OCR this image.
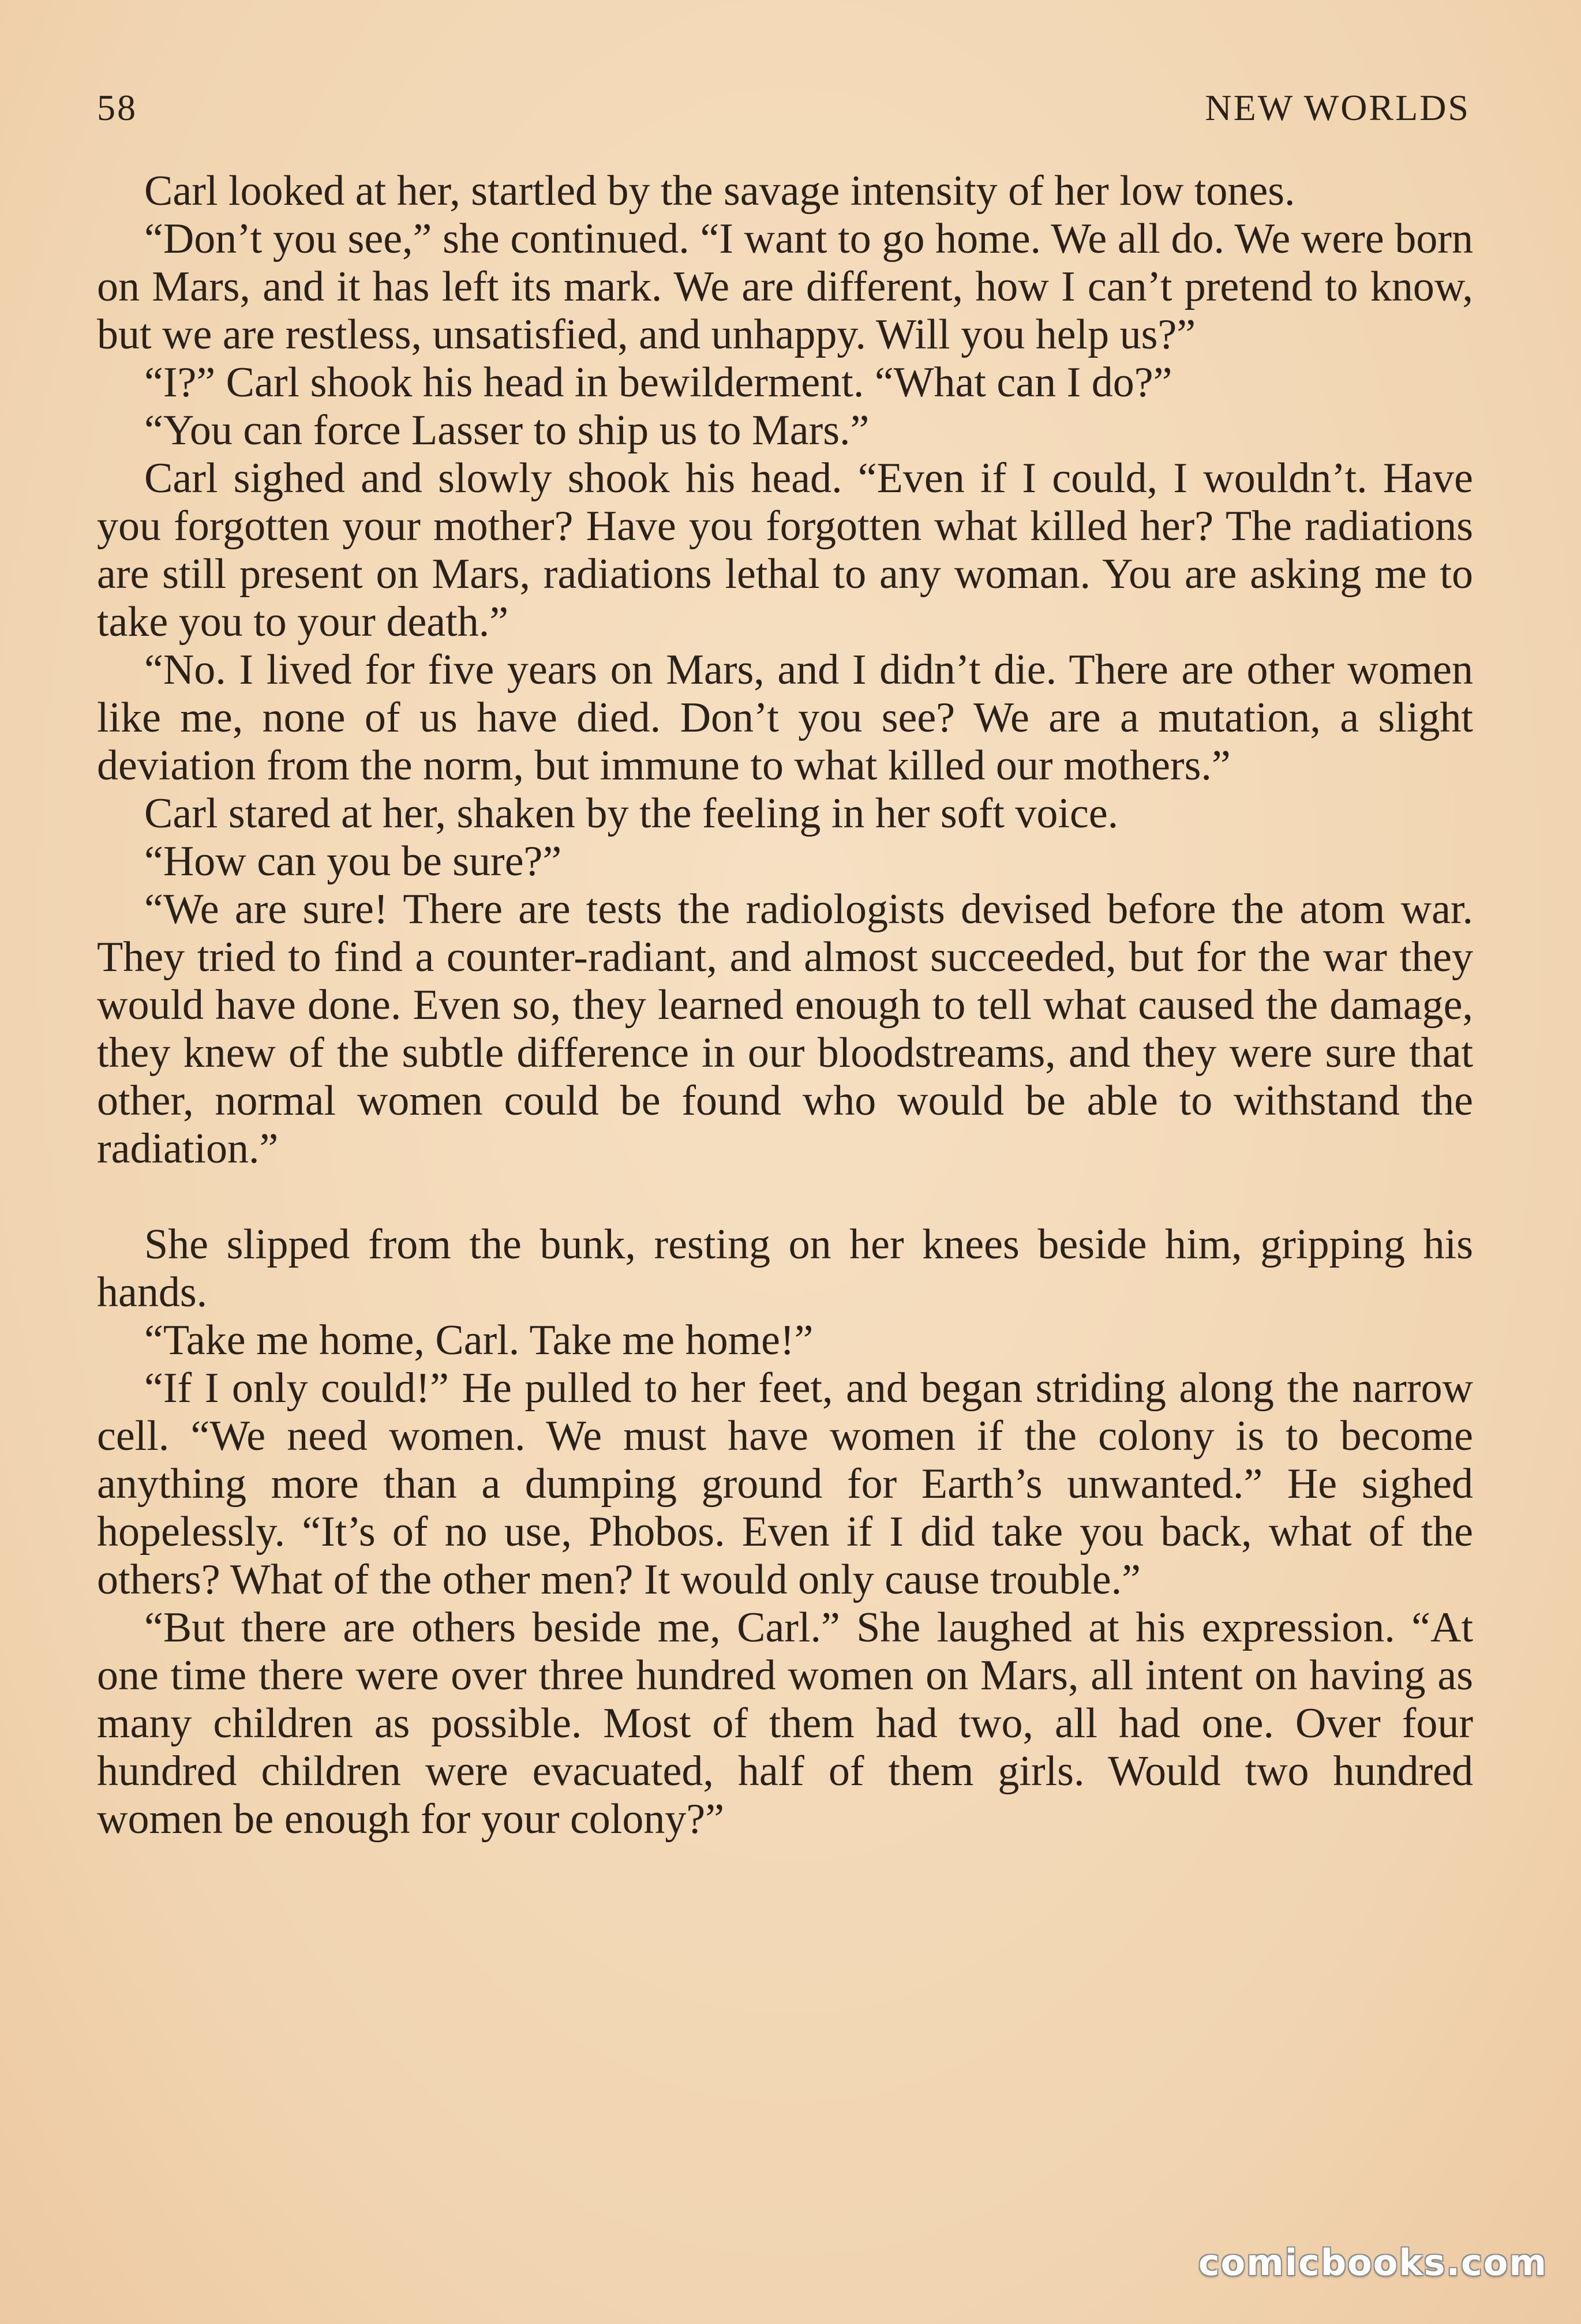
58	NEW WORLDS

Carl looked at her, startled by the savage intensity of her low tones.

“Don’t you see,” she continued. “I want to go home. We all do. We were born on Mars, and it has left its mark. We are different, how I can’t pretend to know, but we are restless, unsatisfied, and unhappy. Will you help us?”

“I?” Carl shook his head in bewilderment. “What can I do?”

“You can force Lasser to ship us to Mars.”

Carl sighed and slowly shook his head. “Even if I could, I wouldn’t. Have you forgotten your mother? Have you forgotten what killed her? The radiations are still present on Mars, radiations lethal to any woman. You are asking me to take you to your death.”

“No. I lived for five years on Mars, and I didn’t die. There are other women like me, none of us have died. Don’t you see? We are a mutation, a slight deviation from the norm, but immune to what killed our mothers.”

Carl stared at her, shaken by the feeling in her soft voice.

“How can you be sure?”

“We are sure! There are tests the radiologists devised before the atom war. They tried to find a counter-radiant, and almost succeeded, but for the war they would have done. Even so, they learned enough to tell what caused the damage, they knew of the subtle difference in our bloodstreams, and they were sure that other, normal women could be found who would be able to withstand the radiation.”

She slipped from the bunk, resting on her knees beside him, gripping his hands.

“Take me home, Carl. Take me home!”

“If I only could!” He pulled to her feet, and began striding along the narrow cell. “We need women. We must have women if the colony is to become anything more than a dumping ground for Earth’s unwanted.” He sighed hopelessly. “It’s of no use, Phobos. Even if I did take you back, what of the others? What of the other men? It would only cause trouble.”

“But there are others beside me, Carl.” She laughed at his expression. “At one time there were over three hundred women on Mars, all intent on having as many children as possible. Most of them had two, all had one. Over four hundred children were evacuated, half of them girls. Would two hundred women be enough for your colony?”

comicbooks.com
